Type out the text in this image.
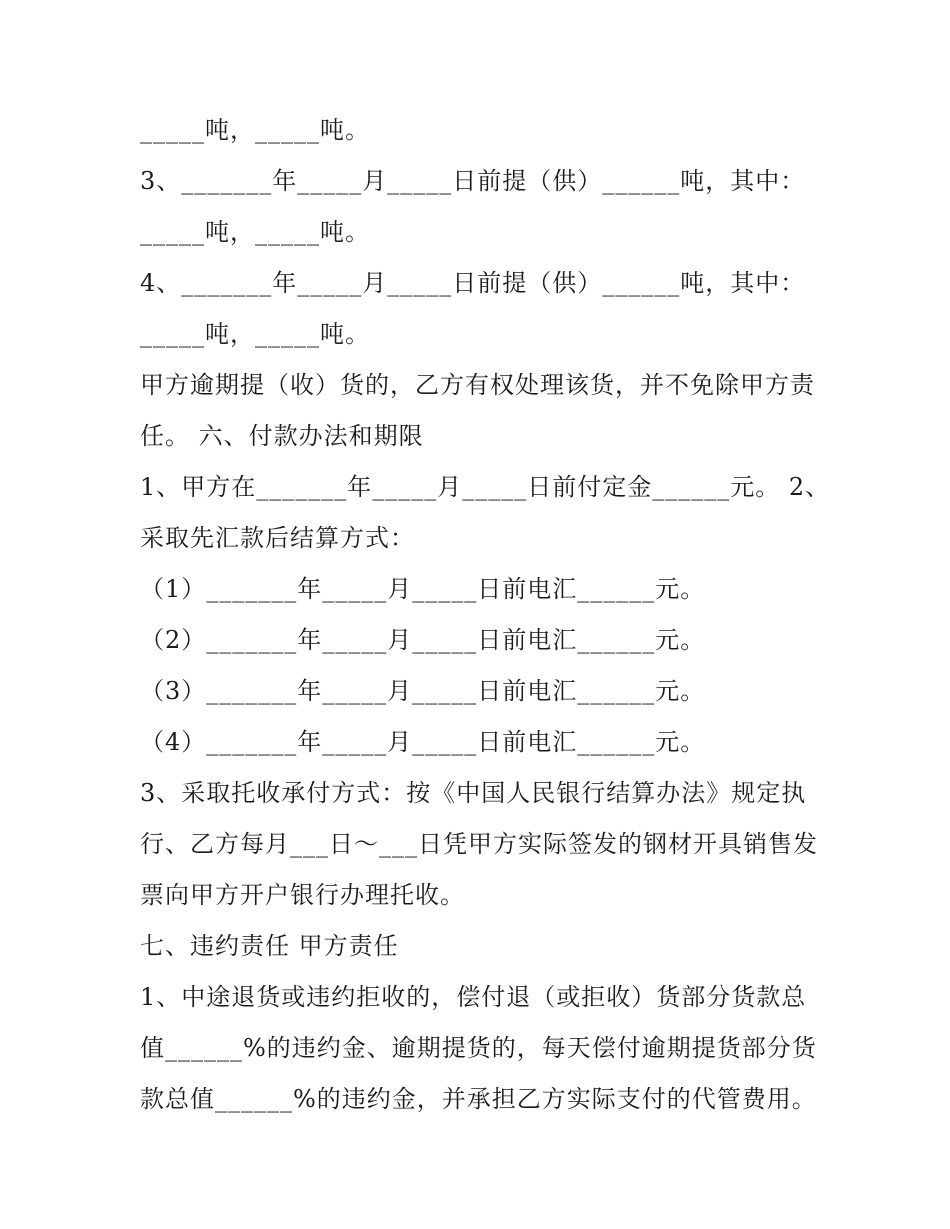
_____吨，_____吨。
3、_______年_____月_____日前提（供）______吨，其中：
_____吨，_____吨。
4、_______年_____月_____日前提（供）______吨，其中：
_____吨，_____吨。
甲方逾期提（收）货的，乙方有权处理该货，并不免除甲方责
任。 六、付款办法和期限
1、甲方在_______年_____月_____日前付定金______元。 2、
采取先汇款后结算方式：
（1）_______年_____月_____日前电汇______元。
（2）_______年_____月_____日前电汇______元。
（3）_______年_____月_____日前电汇______元。
（4）_______年_____月_____日前电汇______元。
3、采取托收承付方式：按《中国人民银行结算办法》规定执
行、乙方每月___日～___日凭甲方实际签发的钢材开具销售发
票向甲方开户银行办理托收。
七、违约责任 甲方责任
1、中途退货或违约拒收的，偿付退（或拒收）货部分货款总
值______%的违约金、逾期提货的，每天偿付逾期提货部分货
款总值______%的违约金，并承担乙方实际支付的代管费用。
